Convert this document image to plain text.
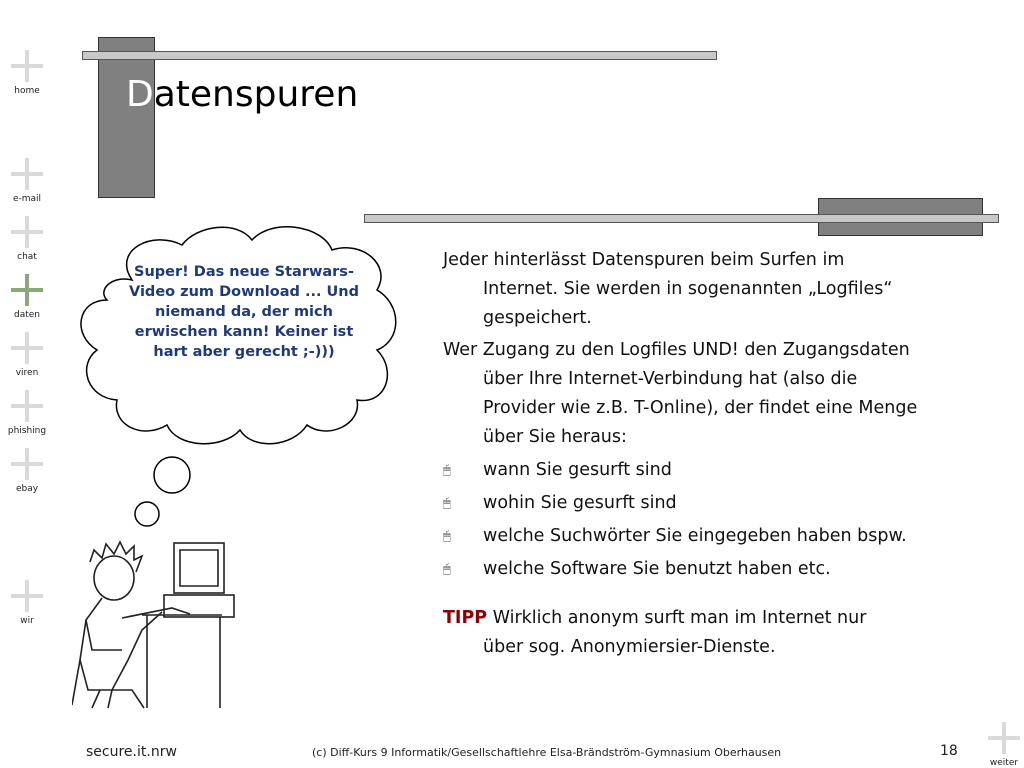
home
e-mail
chat
daten
viren
phishing
ebay
wir
weiter
Datenspuren
Super! Das neue Starwars-Video zum Download ... Und niemand da, der mich erwischen kann! Keiner ist hart aber gerecht ;-)))
Jeder hinterlässt Datenspuren beim Surfen im
Internet. Sie werden in sogenannten „Logfiles“
gespeichert.
Wer Zugang zu den Logfiles UND! den Zugangsdaten
über Ihre Internet-Verbindung hat (also die
Provider wie z.B. T-Online), der findet eine Menge
über Sie heraus:
🖱︎ wann Sie gesurft sind
🖱︎ wohin Sie gesurft sind
🖱︎ welche Suchwörter Sie eingegeben haben bspw.
🖱︎ welche Software Sie benutzt haben etc.
TIPP Wirklich anonym surft man im Internet nur
über sog. Anonymiersier-Dienste.
secure.it.nrw	(c) Diff-Kurs 9 Informatik/Gesellschaftlehre Elsa-Brändström-Gymnasium Oberhausen	18
